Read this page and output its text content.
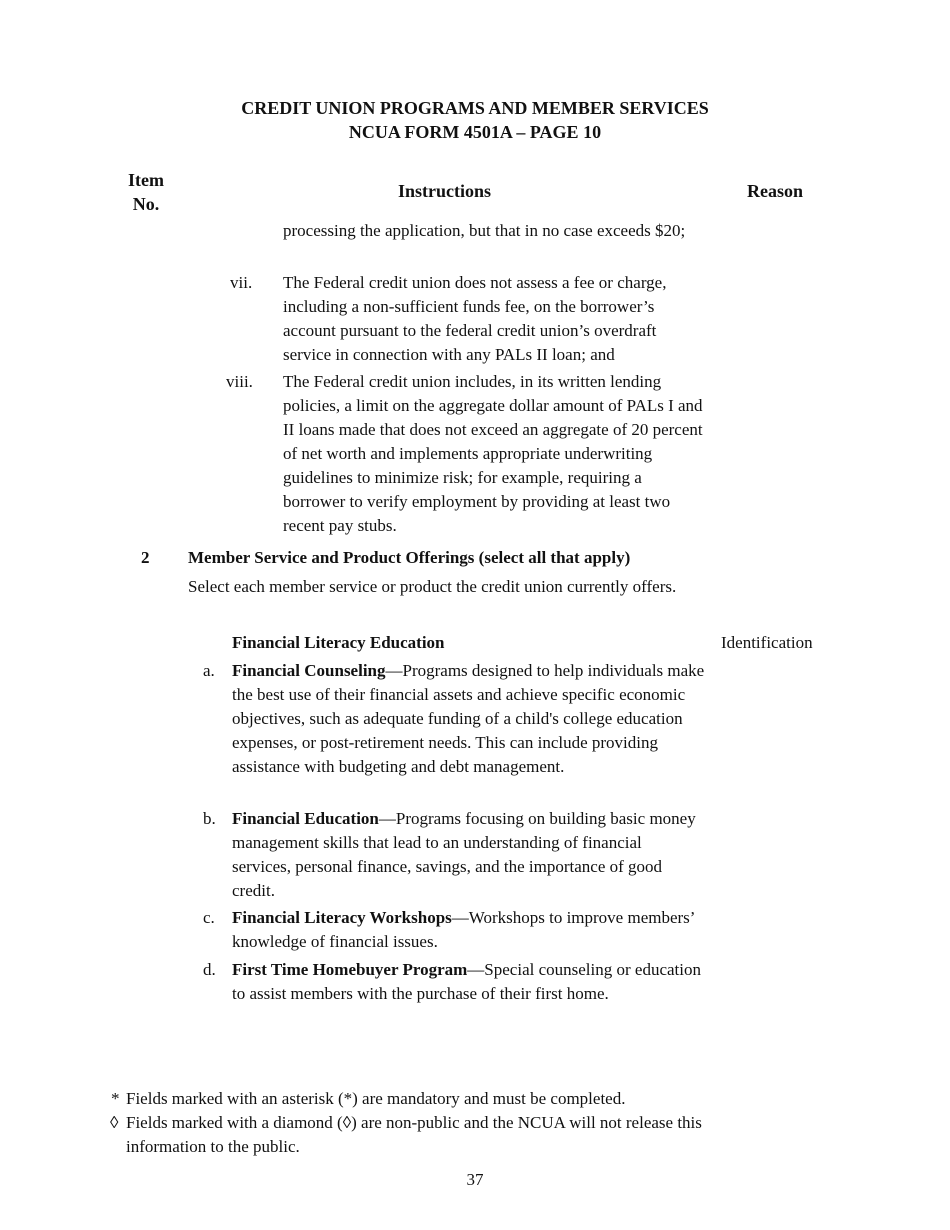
CREDIT UNION PROGRAMS AND MEMBER SERVICES
NCUA FORM 4501A – PAGE 10
Item
No.
Instructions	Reason

processing the application, but that in no case exceeds $20;

vii. The Federal credit union does not assess a fee or charge, including a non-sufficient funds fee, on the borrower’s account pursuant to the federal credit union’s overdraft service in connection with any PALs II loan; and

viii. The Federal credit union includes, in its written lending policies, a limit on the aggregate dollar amount of PALs I and II loans made that does not exceed an aggregate of 20 percent of net worth and implements appropriate underwriting guidelines to minimize risk; for example, requiring a borrower to verify employment by providing at least two recent pay stubs.

2 Member Service and Product Offerings (select all that apply)

Select each member service or product the credit union currently offers.

Financial Literacy Education	Identification
a. Financial Counseling—Programs designed to help individuals make the best use of their financial assets and achieve specific economic objectives, such as adequate funding of a child's college education expenses, or post-retirement needs. This can include providing assistance with budgeting and debt management.

b. Financial Education—Programs focusing on building basic money management skills that lead to an understanding of financial services, personal finance, savings, and the importance of good credit.

c. Financial Literacy Workshops—Workshops to improve members’ knowledge of financial issues.

d. First Time Homebuyer Program—Special counseling or education to assist members with the purchase of their first home.

* Fields marked with an asterisk (*) are mandatory and must be completed.
◊ Fields marked with a diamond (◊) are non-public and the NCUA will not release this information to the public.
37
